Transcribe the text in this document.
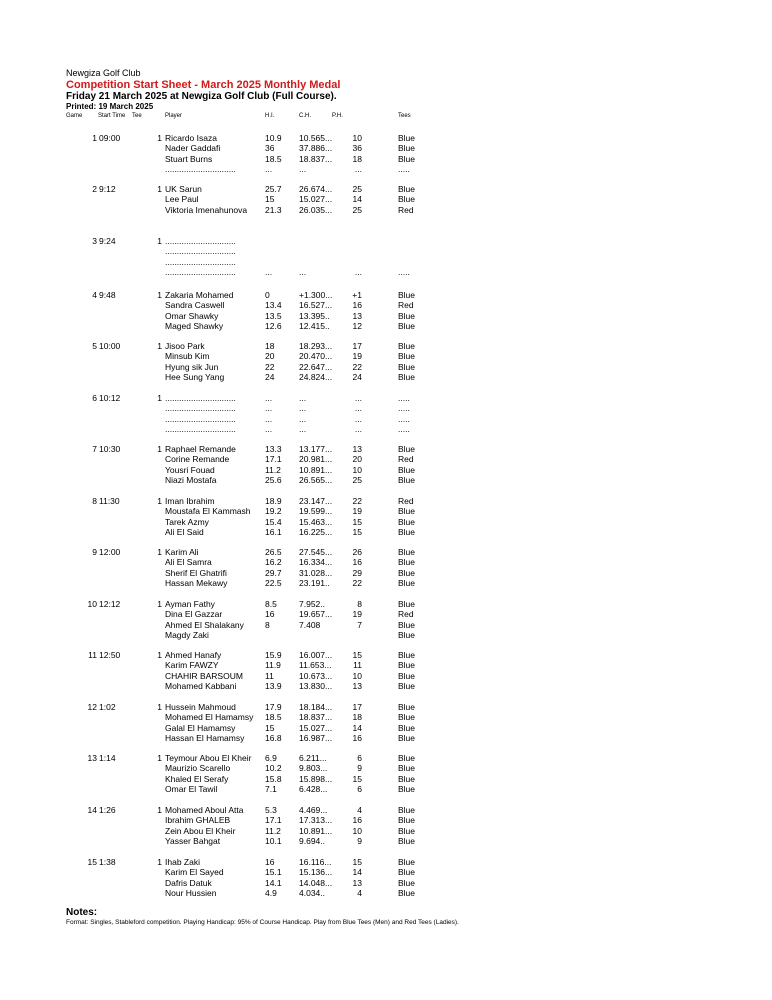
Newgiza Golf Club
Competition Start Sheet - March 2025 Monthly Medal
Friday 21 March 2025 at Newgiza Golf Club (Full Course).
Printed: 19 March 2025
Game	Start Time Tee	Player	H.I.	C.H.	P.H.	Tees
1 09:00	1 Ricardo Isaza	10.9 10.565...	10	Blue
Nader Gaddafi	36	37.886...	36	Blue
Stuart Burns	18.5 18.837...	18	Blue
..............................	...	...	...	.....
2 9:12	1 UK Sarun	25.7 26.674...	25	Blue
Lee Paul	15	15.027...	14	Blue
Viktoria Imenahunova 21.3 26.035...	25	Red
3 9:24	1 ..............................
..............................
..............................
..............................	...	...	...	.....
4 9:48	1 Zakaria Mohamed	0	+1.300...	+1	Blue
Sandra Caswell	13.4 16.527...	16	Red
Omar Shawky	13.5 13.395..	13	Blue
Maged Shawky	12.6 12.415..	12	Blue
5 10:00	1 Jisoo Park	18	18.293...	17	Blue
Minsub Kim	20	20.470...	19	Blue
Hyung sik Jun	22	22.647...	22	Blue
Hee Sung Yang	24	24.824...	24	Blue
6 10:12	1 ..............................	...	...	...	.....
..............................	...	...	...	.....
..............................	...	...	...	.....
..............................	...	...	...	.....
7 10:30	1 Raphael Remande	13.3 13.177...	13	Blue
Corine Remande	17.1 20.981...	20	Red
Yousri Fouad	11.2 10.891...	10	Blue
Niazi Mostafa	25.6 26.565...	25	Blue
8 11:30	1 Iman Ibrahim	18.9 23.147...	22	Red
Moustafa El Kammash 19.2 19.599...	19	Blue
Tarek Azmy	15.4 15.463...	15	Blue
Ali El Said	16.1 16.225...	15	Blue
9 12:00	1 Karim Ali	26.5 27.545...	26	Blue
Ali El Samra	16.2 16.334...	16	Blue
Sherif El Ghatrifi	29.7 31.028...	29	Blue
Hassan Mekawy	22.5 23.191..	22	Blue
10 12:12	1 Ayman Fathy	8.5	7.952..	8	Blue
Dina El Gazzar	16	19.657...	19	Red
Ahmed El Shalakany 8	7.408	7	Blue
Magdy Zaki	Blue
11 12:50	1 Ahmed Hanafy	15.9 16.007...	15	Blue
Karim FAWZY	11.9 11.653...	11	Blue
CHAHIR BARSOUM	11	10.673...	10	Blue
Mohamed Kabbani	13.9 13.830...	13	Blue
12 1:02	1 Hussein Mahmoud	17.9 18.184...	17	Blue
Mohamed El Hamamsy 18.5 18.837...	18	Blue
Galal El Hamamsy	15	15.027...	14	Blue
Hassan El Hamamsy 16.8 16.987...	16	Blue
13 1:14	1 Teymour Abou El Kheir 6.9	6.211...	6	Blue
Maurizio Scarello	10.2 9.803...	9	Blue
Khaled El Serafy	15.8 15.898...	15	Blue
Omar El Tawil	7.1	6.428...	6	Blue
14 1:26	1 Mohamed Aboul Atta	5.3	4.469...	4	Blue
Ibrahim GHALEB	17.1 17.313...	16	Blue
Zein Abou El Kheir	11.2 10.891...	10	Blue
Yasser Bahgat	10.1 9.694..	9	Blue
15 1:38	1 Ihab Zaki	16	16.116...	15	Blue
Karim El Sayed	15.1 15.136...	14	Blue
Dafris Datuk	14.1 14.048...	13	Blue
Nour Hussien	4.9	4.034..	4	Blue
Notes:
Format: Singles, Stableford competition. Playing Handicap: 95% of Course Handicap. Play from Blue Tees (Men) and Red Tees (Ladies).
